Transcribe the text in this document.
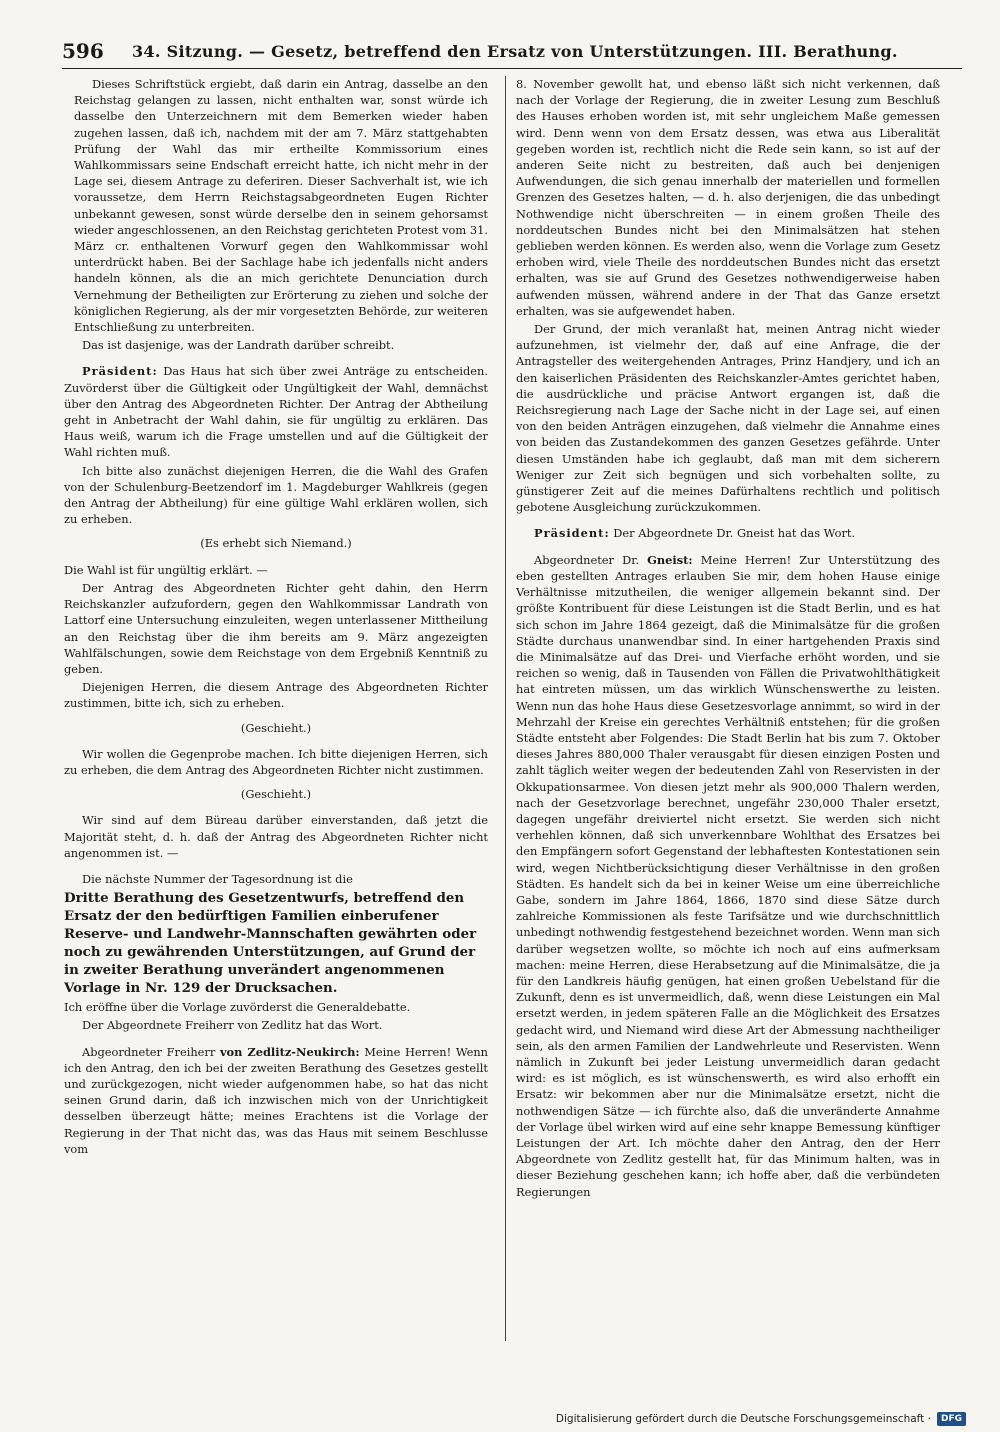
596	34. Sitzung. — Gesetz, betreffend den Ersatz von Unterstützungen. III. Berathung.

Dieses Schriftstück ergiebt, daß darin ein Antrag, dasselbe an den Reichstag gelangen zu lassen, nicht enthalten war, sonst würde ich dasselbe den Unterzeichnern mit dem Bemerken wieder haben zugehen lassen, daß ich, nachdem mit der am 7. März stattgehabten Prüfung der Wahl das mir ertheilte Kommissorium eines Wahlkommissars seine Endschaft erreicht hatte, ich nicht mehr in der Lage sei, diesem Antrage zu deferiren. Dieser Sachverhalt ist, wie ich voraussetze, dem Herrn Reichstagsabgeordneten Eugen Richter unbekannt gewesen, sonst würde derselbe den in seinem gehorsamst wieder angeschlossenen, an den Reichstag gerichteten Protest vom 31. März cr. enthaltenen Vorwurf gegen den Wahlkommissar wohl unterdrückt haben. Bei der Sachlage habe ich jedenfalls nicht anders handeln können, als die an mich gerichtete Denunciation durch Vernehmung der Betheiligten zur Erörterung zu ziehen und solche der königlichen Regierung, als der mir vorgesetzten Behörde, zur weiteren Entschließung zu unterbreiten.

Das ist dasjenige, was der Landrath darüber schreibt.

Präsident: Das Haus hat sich über zwei Anträge zu entscheiden. Zuvörderst über die Gültigkeit oder Ungültigkeit der Wahl, demnächst über den Antrag des Abgeordneten Richter. Der Antrag der Abtheilung geht in Anbetracht der Wahl dahin, sie für ungültig zu erklären. Das Haus weiß, warum ich die Frage umstellen und auf die Gültigkeit der Wahl richten muß.

Ich bitte also zunächst diejenigen Herren, die die Wahl des Grafen von der Schulenburg-Beetzendorf im 1. Magdeburger Wahlkreis (gegen den Antrag der Abtheilung) für eine gültige Wahl erklären wollen, sich zu erheben.

(Es erhebt sich Niemand.)

Die Wahl ist für ungültig erklärt. —

Der Antrag des Abgeordneten Richter geht dahin, den Herrn Reichskanzler aufzufordern, gegen den Wahlkommissar Landrath von Lattorf eine Untersuchung einzuleiten, wegen unterlassener Mittheilung an den Reichstag über die ihm bereits am 9. März angezeigten Wahlfälschungen, sowie dem Reichstage von dem Ergebniß Kenntniß zu geben.

Diejenigen Herren, die diesem Antrage des Abgeordneten Richter zustimmen, bitte ich, sich zu erheben.

(Geschieht.)

Wir wollen die Gegenprobe machen. Ich bitte diejenigen Herren, sich zu erheben, die dem Antrag des Abgeordneten Richter nicht zustimmen.

(Geschieht.)

Wir sind auf dem Büreau darüber einverstanden, daß jetzt die Majorität steht, d. h. daß der Antrag des Abgeordneten Richter nicht angenommen ist. —

Die nächste Nummer der Tagesordnung ist die

Dritte Berathung des Gesetzentwurfs, betreffend den Ersatz der den bedürftigen Familien einberufener Reserve- und Landwehr-Mannschaften gewährten oder noch zu gewährenden Unterstützungen, auf Grund der in zweiter Berathung unverändert angenommenen Vorlage in Nr. 129 der Drucksachen.

Ich eröffne über die Vorlage zuvörderst die Generaldebatte.

Der Abgeordnete Freiherr von Zedlitz hat das Wort.

Abgeordneter Freiherr von Zedlitz-Neukirch: Meine Herren! Wenn ich den Antrag, den ich bei der zweiten Berathung des Gesetzes gestellt und zurückgezogen, nicht wieder aufgenommen habe, so hat das nicht seinen Grund darin, daß ich inzwischen mich von der Unrichtigkeit desselben überzeugt hätte; meines Erachtens ist die Vorlage der Regierung in der That nicht das, was das Haus mit seinem Beschlusse vom

8. November gewollt hat, und ebenso läßt sich nicht verkennen, daß nach der Vorlage der Regierung, die in zweiter Lesung zum Beschluß des Hauses erhoben worden ist, mit sehr ungleichem Maße gemessen wird. Denn wenn von dem Ersatz dessen, was etwa aus Liberalität gegeben worden ist, rechtlich nicht die Rede sein kann, so ist auf der anderen Seite nicht zu bestreiten, daß auch bei denjenigen Aufwendungen, die sich genau innerhalb der materiellen und formellen Grenzen des Gesetzes halten, — d. h. also derjenigen, die das unbedingt Nothwendige nicht überschreiten — in einem großen Theile des norddeutschen Bundes nicht bei den Minimalsätzen hat stehen geblieben werden können. Es werden also, wenn die Vorlage zum Gesetz erhoben wird, viele Theile des norddeutschen Bundes nicht das ersetzt erhalten, was sie auf Grund des Gesetzes nothwendigerweise haben aufwenden müssen, während andere in der That das Ganze ersetzt erhalten, was sie aufgewendet haben.

Der Grund, der mich veranlaßt hat, meinen Antrag nicht wieder aufzunehmen, ist vielmehr der, daß auf eine Anfrage, die der Antragsteller des weitergehenden Antrages, Prinz Handjery, und ich an den kaiserlichen Präsidenten des Reichskanzler-Amtes gerichtet haben, die ausdrückliche und präcise Antwort ergangen ist, daß die Reichsregierung nach Lage der Sache nicht in der Lage sei, auf einen von den beiden Anträgen einzugehen, daß vielmehr die Annahme eines von beiden das Zustandekommen des ganzen Gesetzes gefährde. Unter diesen Umständen habe ich geglaubt, daß man mit dem sicherern Weniger zur Zeit sich begnügen und sich vorbehalten sollte, zu günstigerer Zeit auf die meines Dafürhaltens rechtlich und politisch gebotene Ausgleichung zurückzukommen.

Präsident: Der Abgeordnete Dr. Gneist hat das Wort.

Abgeordneter Dr. Gneist: Meine Herren! Zur Unterstützung des eben gestellten Antrages erlauben Sie mir, dem hohen Hause einige Verhältnisse mitzutheilen, die weniger allgemein bekannt sind. Der größte Kontribuent für diese Leistungen ist die Stadt Berlin, und es hat sich schon im Jahre 1864 gezeigt, daß die Minimalsätze für die großen Städte durchaus unanwendbar sind. In einer hartgehenden Praxis sind die Minimalsätze auf das Drei- und Vierfache erhöht worden, und sie reichen so wenig, daß in Tausenden von Fällen die Privatwohlthätigkeit hat eintreten müssen, um das wirklich Wünschenswerthe zu leisten. Wenn nun das hohe Haus diese Gesetzesvorlage annimmt, so wird in der Mehrzahl der Kreise ein gerechtes Verhältniß entstehen; für die großen Städte entsteht aber Folgendes: Die Stadt Berlin hat bis zum 7. Oktober dieses Jahres 880,000 Thaler verausgabt für diesen einzigen Posten und zahlt täglich weiter wegen der bedeutenden Zahl von Reservisten in der Okkupationsarmee. Von diesen jetzt mehr als 900,000 Thalern werden, nach der Gesetzvorlage berechnet, ungefähr 230,000 Thaler ersetzt, dagegen ungefähr dreiviertel nicht ersetzt. Sie werden sich nicht verhehlen können, daß sich unverkennbare Wohlthat des Ersatzes bei den Empfängern sofort Gegenstand der lebhaftesten Kontestationen sein wird, wegen Nichtberücksichtigung dieser Verhältnisse in den großen Städten. Es handelt sich da bei in keiner Weise um eine überreichliche Gabe, sondern im Jahre 1864, 1866, 1870 sind diese Sätze durch zahlreiche Kommissionen als feste Tarifsätze und wie durchschnittlich unbedingt nothwendig festgestehend bezeichnet worden. Wenn man sich darüber wegsetzen wollte, so möchte ich noch auf eins aufmerksam machen: meine Herren, diese Herabsetzung auf die Minimalsätze, die ja für den Landkreis häufig genügen, hat einen großen Uebelstand für die Zukunft, denn es ist unvermeidlich, daß, wenn diese Leistungen ein Mal ersetzt werden, in jedem späteren Falle an die Möglichkeit des Ersatzes gedacht wird, und Niemand wird diese Art der Abmessung nachtheiliger sein, als den armen Familien der Landwehrleute und Reservisten. Wenn nämlich in Zukunft bei jeder Leistung unvermeidlich daran gedacht wird: es ist möglich, es ist wünschenswerth, es wird also erhofft ein Ersatz: wir bekommen aber nur die Minimalsätze ersetzt, nicht die nothwendigen Sätze — ich fürchte also, daß die unveränderte Annahme der Vorlage übel wirken wird auf eine sehr knappe Bemessung künftiger Leistungen der Art. Ich möchte daher den Antrag, den der Herr Abgeordnete von Zedlitz gestellt hat, für das Minimum halten, was in dieser Beziehung geschehen kann; ich hoffe aber, daß die verbündeten Regierungen

Digitalisierung gefördert durch die Deutsche Forschungsgemeinschaft ·	DFG
